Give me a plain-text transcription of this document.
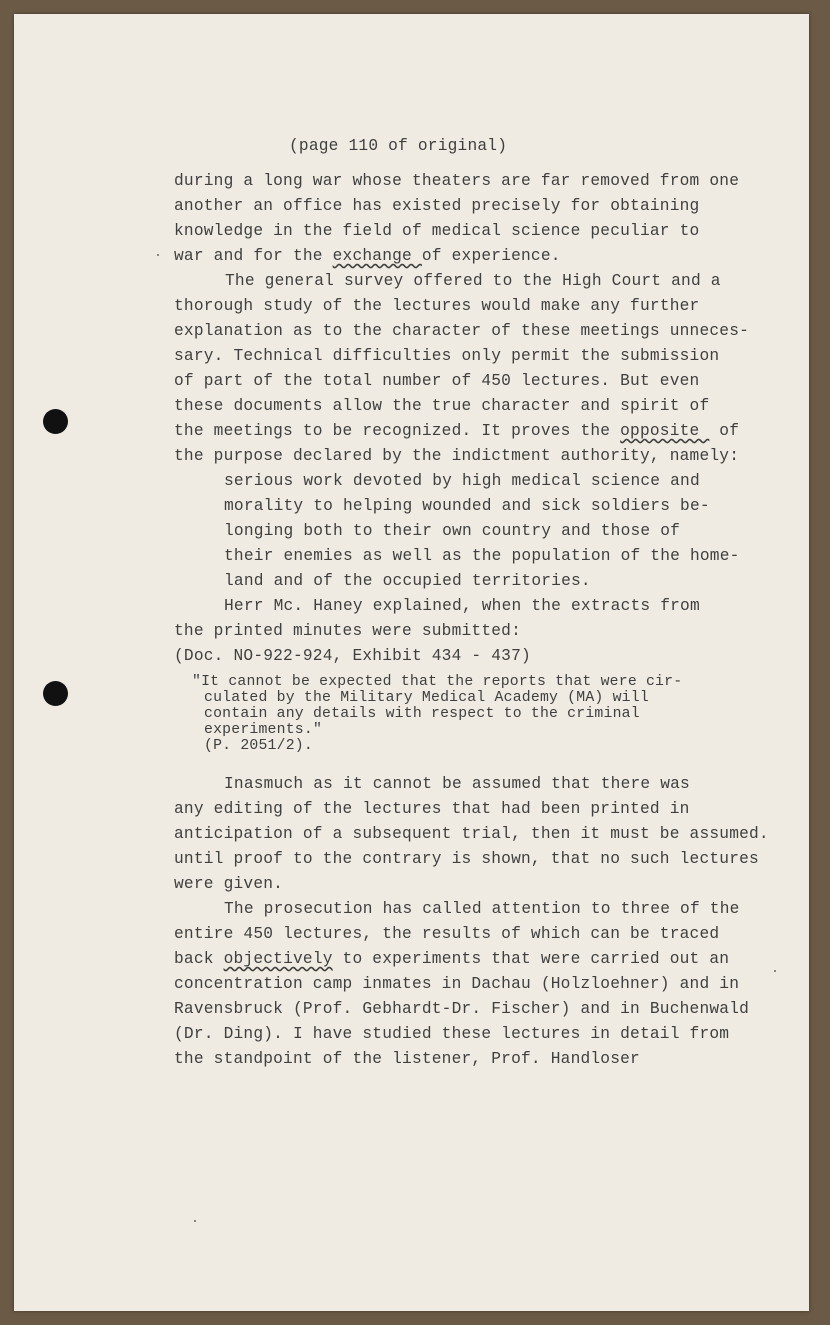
(page 110 of original)
during a long war whose theaters are far removed from one
another an office has existed precisely for obtaining
knowledge in the field of medical science peculiar to
war and for the exchange of experience.
The general survey offered to the High Court and a
thorough study of the lectures would make any further
explanation as to the character of these meetings unneces-
sary. Technical difficulties only permit the submission
of part of the total number of 450 lectures. But even
these documents allow the true character and spirit of
the meetings to be recognized. It proves the opposite  of
the purpose declared by the indictment authority, namely:
serious work devoted by high medical science and
morality to helping wounded and sick soldiers be-
longing both to their own country and those of
their enemies as well as the population of the home-
land and of the occupied territories.
Herr Mc. Haney explained, when the extracts from
the printed minutes were submitted:
(Doc. NO-922-924, Exhibit 434 - 437)
"It cannot be expected that the reports that were cir-
culated by the Military Medical Academy (MA) will
contain any details with respect to the criminal
experiments."
(P. 2051/2).
Inasmuch as it cannot be assumed that there was
any editing of the lectures that had been printed in
anticipation of a subsequent trial, then it must be assumed.
until proof to the contrary is shown, that no such lectures
were given.
The prosecution has called attention to three of the
entire 450 lectures, the results of which can be traced
back objectively to experiments that were carried out an
concentration camp inmates in Dachau (Holzloehner) and in
Ravensbruck (Prof. Gebhardt-Dr. Fischer) and in Buchenwald
(Dr. Ding). I have studied these lectures in detail from
the standpoint of the listener, Prof. Handloser
